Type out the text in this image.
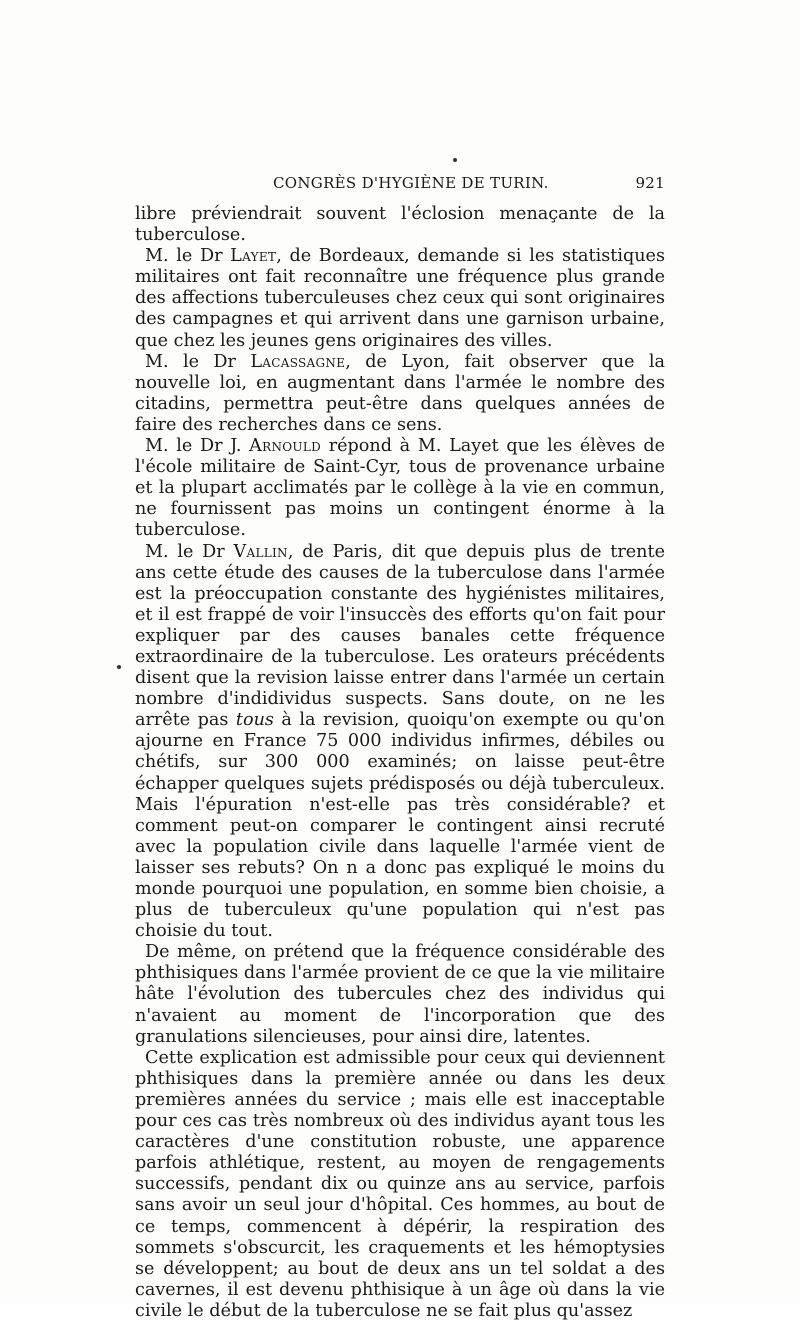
CONGRÈS D'HYGIÈNE DE TURIN.	921

libre préviendrait souvent l'éclosion menaçante de la tuberculose.

M. le Dr Layet, de Bordeaux, demande si les statistiques militaires ont fait reconnaître une fréquence plus grande des affections tuberculeuses chez ceux qui sont originaires des campagnes et qui arrivent dans une garnison urbaine, que chez les jeunes gens originaires des villes.

M. le Dr Lacassagne, de Lyon, fait observer que la nouvelle loi, en augmentant dans l'armée le nombre des citadins, permettra peut-être dans quelques années de faire des recherches dans ce sens.

M. le Dr J. Arnould répond à M. Layet que les élèves de l'école militaire de Saint-Cyr, tous de provenance urbaine et la plupart acclimatés par le collège à la vie en commun, ne fournissent pas moins un contingent énorme à la tuberculose.

M. le Dr Vallin, de Paris, dit que depuis plus de trente ans cette étude des causes de la tuberculose dans l'armée est la préoccupation constante des hygiénistes militaires, et il est frappé de voir l'insuccès des efforts qu'on fait pour expliquer par des causes banales cette fréquence extraordinaire de la tuberculose. Les orateurs précédents disent que la revision laisse entrer dans l'armée un certain nombre d'indidividus suspects. Sans doute, on ne les arrête pas tous à la revision, quoiqu'on exempte ou qu'on ajourne en France 75 000 individus infirmes, débiles ou chétifs, sur 300 000 examinés; on laisse peut-être échapper quelques sujets prédisposés ou déjà tuberculeux. Mais l'épuration n'est-elle pas très considérable? et comment peut-on comparer le contingent ainsi recruté avec la population civile dans laquelle l'armée vient de laisser ses rebuts? On n a donc pas expliqué le moins du monde pourquoi une population, en somme bien choisie, a plus de tuberculeux qu'une population qui n'est pas choisie du tout.

De même, on prétend que la fréquence considérable des phthisiques dans l'armée provient de ce que la vie militaire hâte l'évolution des tubercules chez des individus qui n'avaient au moment de l'incorporation que des granulations silencieuses, pour ainsi dire, latentes.

Cette explication est admissible pour ceux qui deviennent phthisiques dans la première année ou dans les deux premières années du service ; mais elle est inacceptable pour ces cas très nombreux où des individus ayant tous les caractères d'une constitution robuste, une apparence parfois athlétique, restent, au moyen de rengagements successifs, pendant dix ou quinze ans au service, parfois sans avoir un seul jour d'hôpital. Ces hommes, au bout de ce temps, commencent à dépérir, la respiration des sommets s'obscurcit, les craquements et les hémoptysies se développent; au bout de deux ans un tel soldat a des cavernes, il est devenu phthisique à un âge où dans la vie civile le début de la tuberculose ne se fait plus qu'assez
